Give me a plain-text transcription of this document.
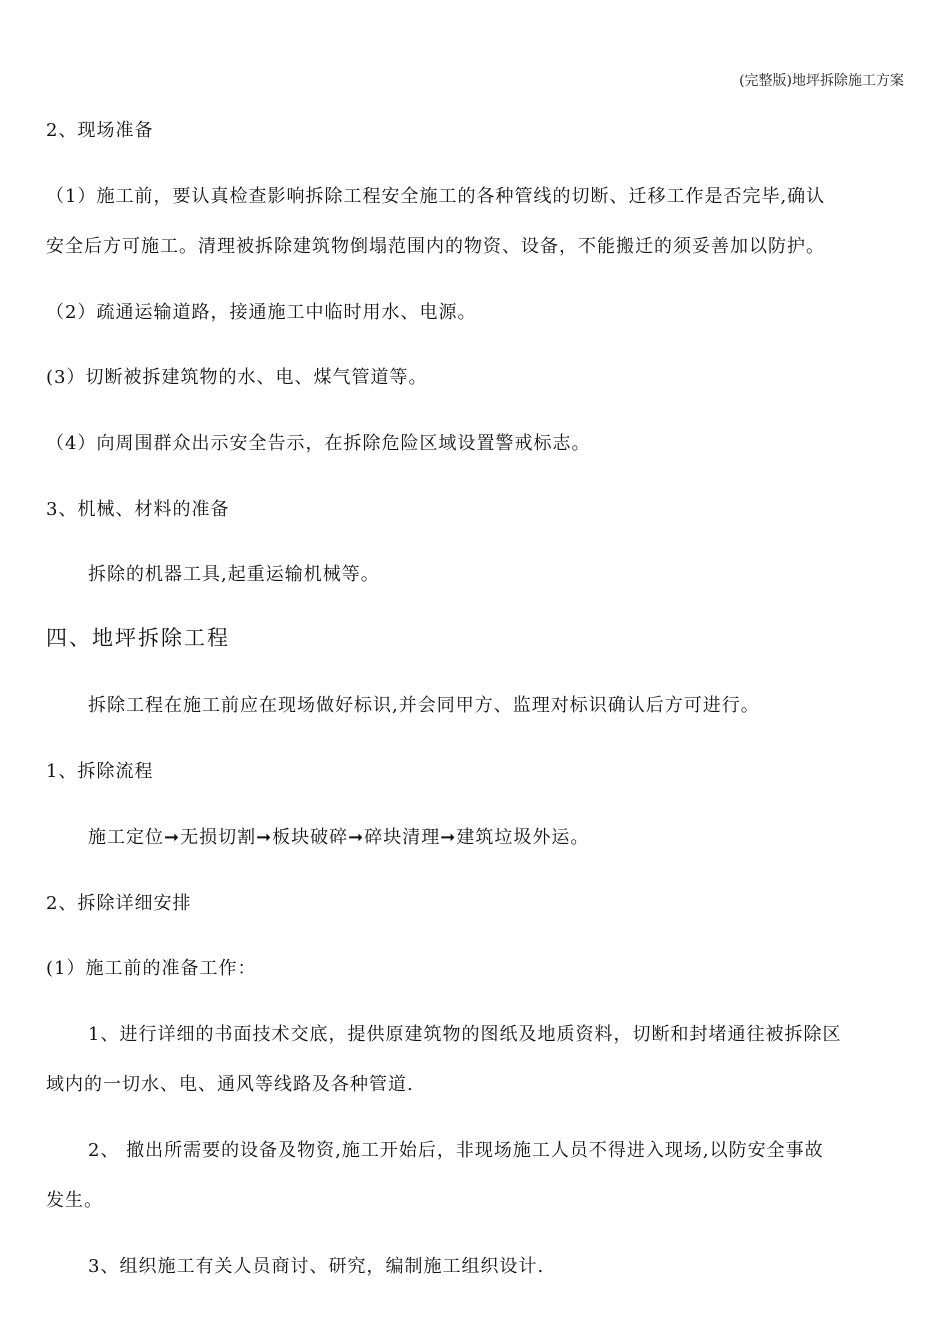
(完整版)地坪拆除施工方案
2、现场准备
（1）施工前，要认真检查影响拆除工程安全施工的各种管线的切断、迁移工作是否完毕,确认
安全后方可施工。清理被拆除建筑物倒塌范围内的物资、设备，不能搬迁的须妥善加以防护。
（2）疏通运输道路，接通施工中临时用水、电源。
(3）切断被拆建筑物的水、电、煤气管道等。
（4）向周围群众出示安全告示，在拆除危险区域设置警戒标志。
3、机械、材料的准备
拆除的机器工具,起重运输机械等。
四、地坪拆除工程
拆除工程在施工前应在现场做好标识,并会同甲方、监理对标识确认后方可进行。
1、拆除流程
施工定位➞无损切割➞板块破碎➞碎块清理➞建筑垃圾外运。
2、拆除详细安排
(1）施工前的准备工作：
1、进行详细的书面技术交底，提供原建筑物的图纸及地质资料，切断和封堵通往被拆除区
域内的一切水、电、通风等线路及各种管道.
2、 撤出所需要的设备及物资,施工开始后，非现场施工人员不得进入现场,以防安全事故
发生。
3、组织施工有关人员商讨、研究，编制施工组织设计.
